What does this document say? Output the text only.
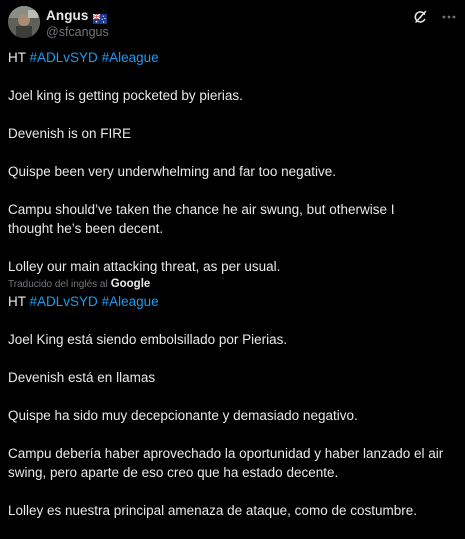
Angus
@sfcangus

HT #ADLvSYD #Aleague

Joel king is getting pocketed by pierias.

Devenish is on FIRE

Quispe been very underwhelming and far too negative.

Campu should’ve taken the chance he air swung, but otherwise I

thought he’s been decent.

Lolley our main attacking threat, as per usual.

Traducido del inglés al Google

HT #ADLvSYD #Aleague

Joel King está siendo embolsillado por Pierias.

Devenish está en llamas

Quispe ha sido muy decepcionante y demasiado negativo.

Campu debería haber aprovechado la oportunidad y haber lanzado el air

swing, pero aparte de eso creo que ha estado decente.

Lolley es nuestra principal amenaza de ataque, como de costumbre.
